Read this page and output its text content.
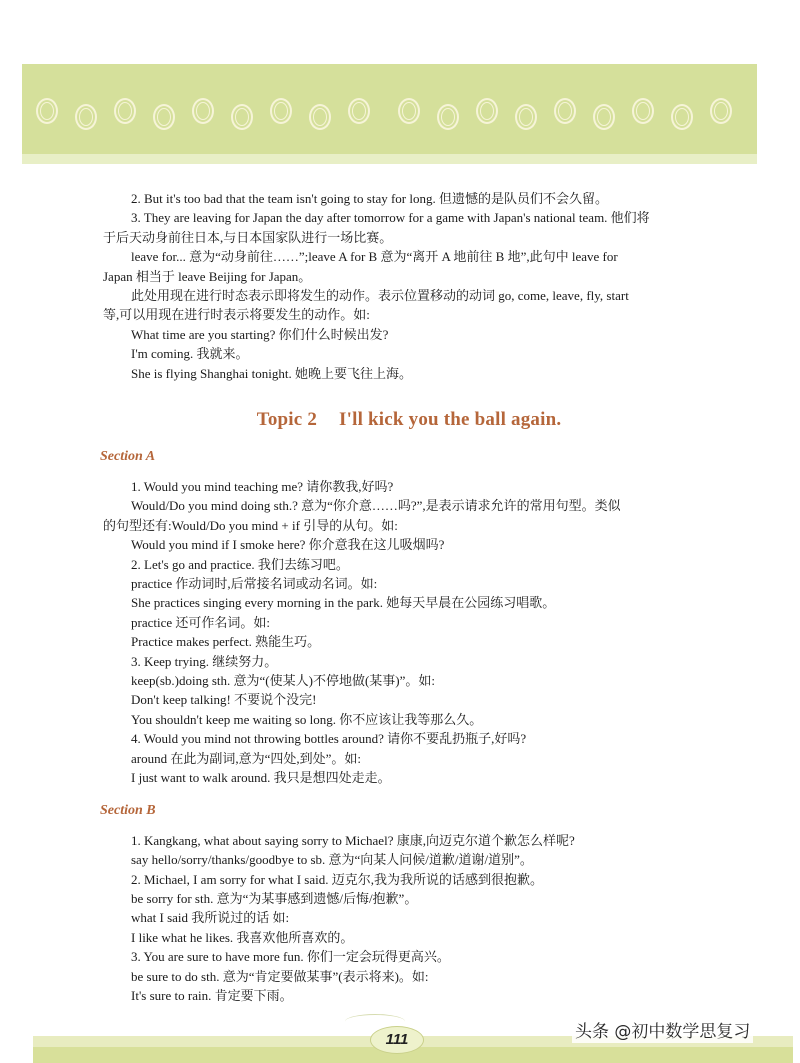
2. But it's too bad that the team isn't going to stay for long. 但遗憾的是队员们不会久留。

3. They are leaving for Japan the day after tomorrow for a game with Japan's national team. 他们将

于后天动身前往日本,与日本国家队进行一场比赛。

leave for... 意为“动身前往……”;leave A for B 意为“离开 A 地前往 B 地”,此句中 leave for

Japan 相当于 leave Beijing for Japan。

此处用现在进行时态表示即将发生的动作。表示位置移动的动词 go, come, leave, fly, start

等,可以用现在进行时表示将要发生的动作。如:

What time are you starting? 你们什么时候出发?

I'm coming. 我就来。

She is flying Shanghai tonight. 她晚上要飞往上海。

Topic 2 I'll kick you the ball again.
Section A

1. Would you mind teaching me? 请你教我,好吗?

Would/Do you mind doing sth.? 意为“你介意……吗?”,是表示请求允许的常用句型。类似

的句型还有:Would/Do you mind + if 引导的从句。如:

Would you mind if I smoke here? 你介意我在这儿吸烟吗?

2. Let's go and practice. 我们去练习吧。

practice 作动词时,后常接名词或动名词。如:

She practices singing every morning in the park. 她每天早晨在公园练习唱歌。

practice 还可作名词。如:

Practice makes perfect. 熟能生巧。

3. Keep trying. 继续努力。

keep(sb.)doing sth. 意为“(使某人)不停地做(某事)”。如:

Don't keep talking! 不要说个没完!

You shouldn't keep me waiting so long. 你不应该让我等那么久。

4. Would you mind not throwing bottles around? 请你不要乱扔瓶子,好吗?

around 在此为副词,意为“四处,到处”。如:

I just want to walk around. 我只是想四处走走。

Section B

1. Kangkang, what about saying sorry to Michael? 康康,向迈克尔道个歉怎么样呢?

say hello/sorry/thanks/goodbye to sb. 意为“向某人问候/道歉/道谢/道别”。

2. Michael, I am sorry for what I said. 迈克尔,我为我所说的话感到很抱歉。

be sorry for sth. 意为“为某事感到遗憾/后悔/抱歉”。

what I said 我所说过的话 如:

I like what he likes. 我喜欢他所喜欢的。

3. You are sure to have more fun. 你们一定会玩得更高兴。

be sure to do sth. 意为“肯定要做某事”(表示将来)。如:

It's sure to rain. 肯定要下雨。

111	头条 @初中数学思复习
